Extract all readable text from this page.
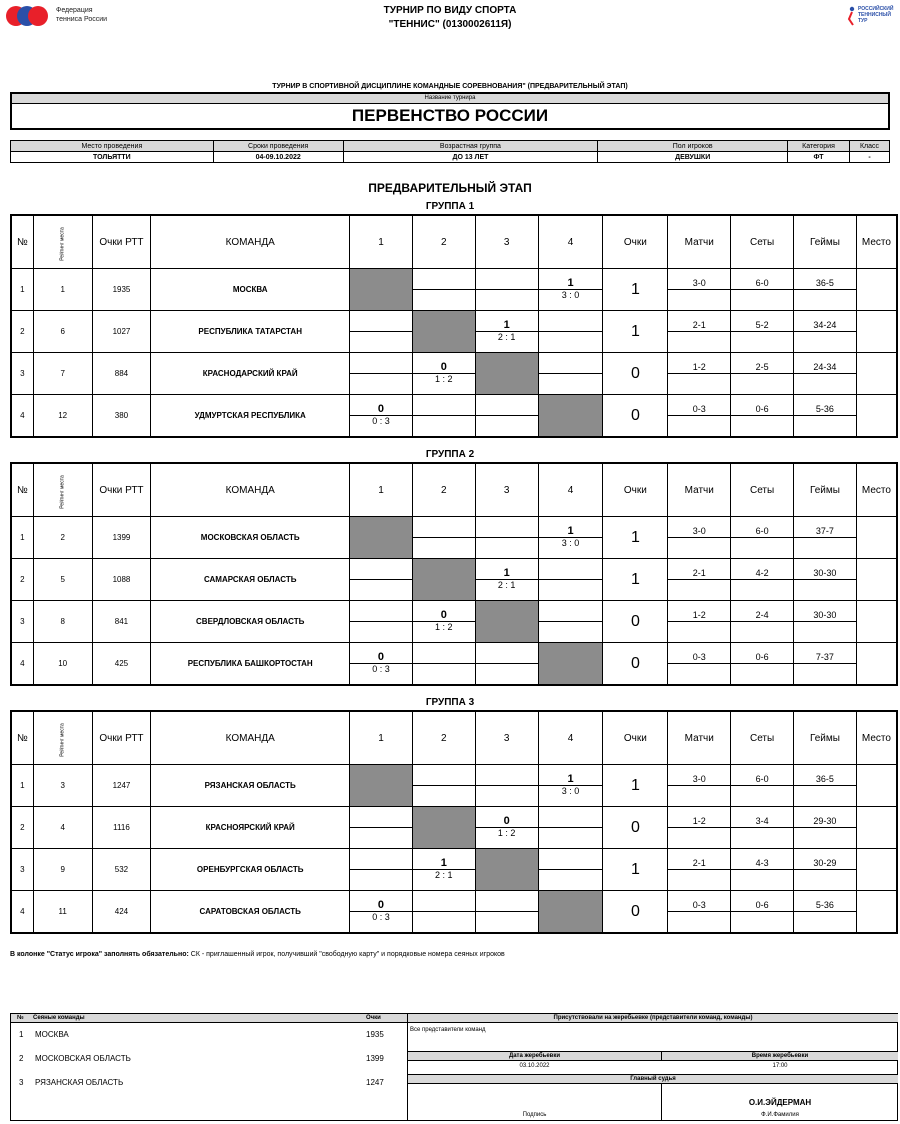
Федерация
тенниса России
ТУРНИР ПО ВИДУ СПОРТА
"ТЕННИС" (0130002611Я)
РОССИЙСКИЙ
ТЕННИСНЫЙ
ТУР
ТУРНИР В СПОРТИВНОЙ ДИСЦИПЛИНЕ КОМАНДНЫЕ СОРЕВНОВАНИЯ" (ПРЕДВАРИТЕЛЬНЫЙ ЭТАП)
Название турнира
ПЕРВЕНСТВО РОССИИ
Место проведения	Сроки проведения	Возрастная группа	Пол игроков	Категория	Класс
ТОЛЬЯТТИ	04-09.10.2022	ДО 13 ЛЕТ	ДЕВУШКИ	ФТ	-
ПРЕДВАРИТЕЛЬНЫЙ ЭТАП
ГРУППА 1
№	Рейтинг места	Очки РТТ	КОМАНДА	1	2	3	4	Очки	Матчи	Сеты	Геймы	Место
1	1	1935	МОСКВА				1	1	3-0	6-0	36-5	
							3 : 0					
2	6	1027	РЕСПУБЛИКА ТАТАРСТАН			1		1	2-1	5-2	34-24	
						2 : 1						
3	7	884	КРАСНОДАРСКИЙ КРАЙ		0			0	1-2	2-5	24-34	
					1 : 2							
4	12	380	УДМУРТСКАЯ РЕСПУБЛИКА	0				0	0-3	0-6	5-36	
				0 : 3								
ГРУППА 2
№	Рейтинг места	Очки РТТ	КОМАНДА	1	2	3	4	Очки	Матчи	Сеты	Геймы	Место
1	2	1399	МОСКОВСКАЯ ОБЛАСТЬ				1	1	3-0	6-0	37-7	
							3 : 0					
2	5	1088	САМАРСКАЯ ОБЛАСТЬ			1		1	2-1	4-2	30-30	
						2 : 1						
3	8	841	СВЕРДЛОВСКАЯ ОБЛАСТЬ		0			0	1-2	2-4	30-30	
					1 : 2							
4	10	425	РЕСПУБЛИКА БАШКОРТОСТАН	0				0	0-3	0-6	7-37	
				0 : 3								
ГРУППА 3
№	Рейтинг места	Очки РТТ	КОМАНДА	1	2	3	4	Очки	Матчи	Сеты	Геймы	Место
1	3	1247	РЯЗАНСКАЯ ОБЛАСТЬ				1	1	3-0	6-0	36-5	
							3 : 0					
2	4	1116	КРАСНОЯРСКИЙ КРАЙ			0		0	1-2	3-4	29-30	
						1 : 2						
3	9	532	ОРЕНБУРГСКАЯ ОБЛАСТЬ		1			1	2-1	4-3	30-29	
					2 : 1							
4	11	424	САРАТОВСКАЯ ОБЛАСТЬ	0				0	0-3	0-6	5-36	
				0 : 3								
В колонке "Статус игрока" заполнять обязательно: СК - приглашенный игрок, получивший "свободную карту" и порядковые номера сеяных игроков
№ Сеяные команды	Очки
1 МОСКВА	1935
2 МОСКОВСКАЯ ОБЛАСТЬ	1399
3 РЯЗАНСКАЯ ОБЛАСТЬ	1247
Присутствовали на жеребьевке (представители команд, команды)
Все представители команд
Дата жеребьевки	Время жеребьевки
03.10.2022	17:00
Главный судья
Подпись
О.И.ЭЙДЕРМАН
Ф.И.Фамилия
